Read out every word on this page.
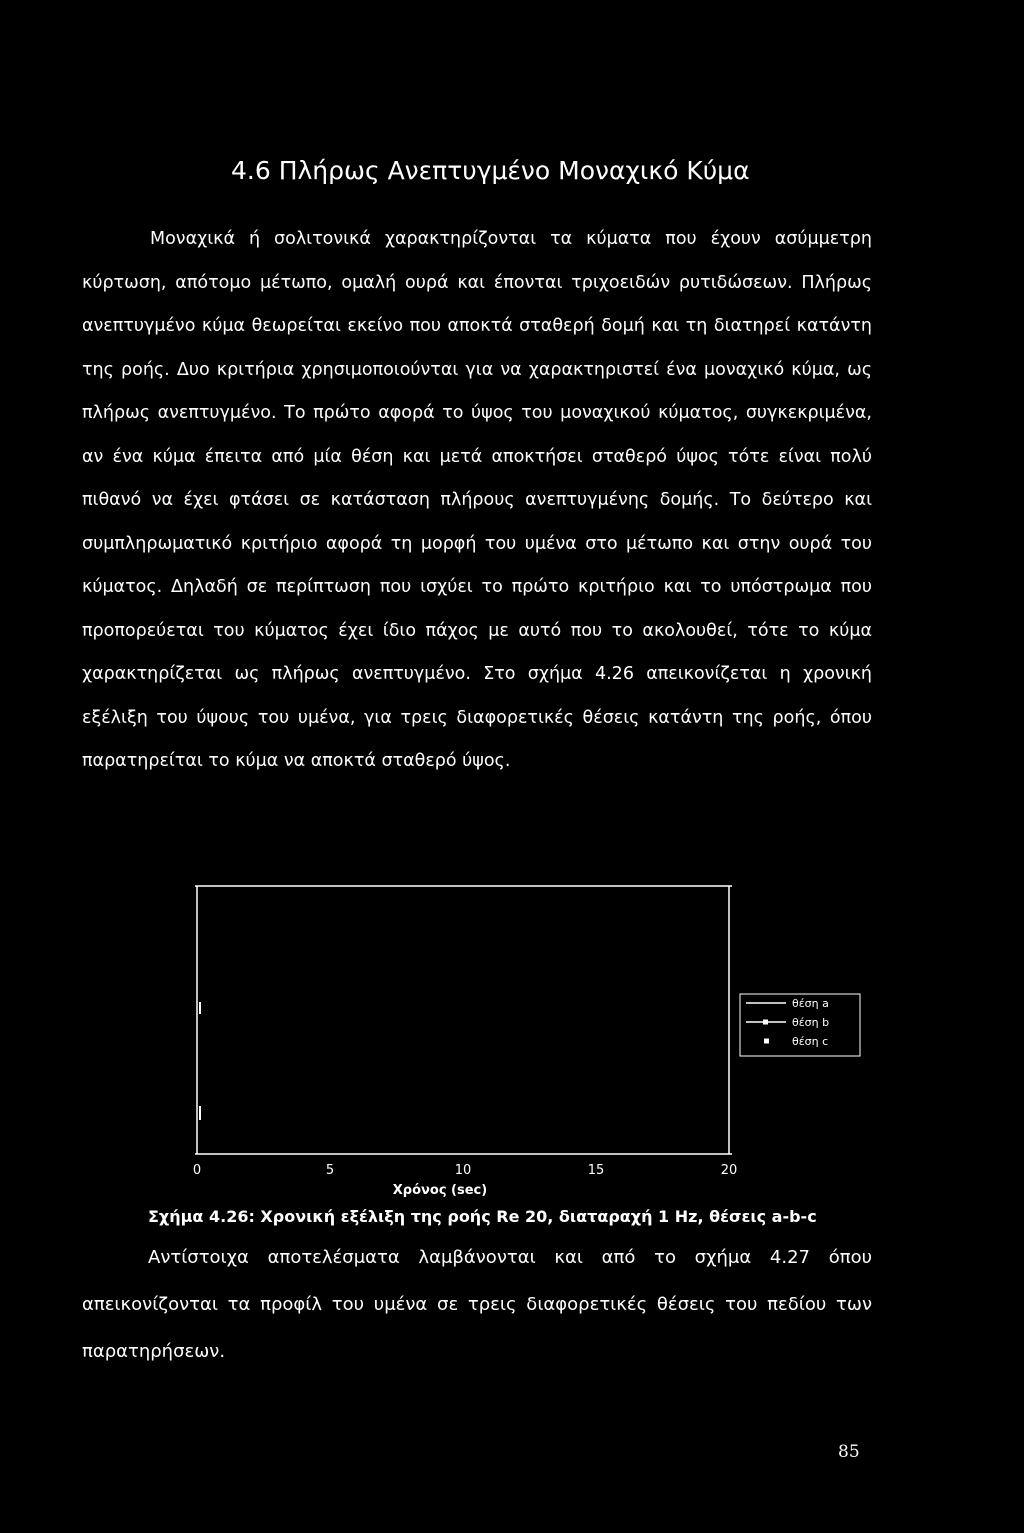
4.6 Πλήρως Ανεπτυγμένο Μοναχικό Κύμα

Μοναχικά ή σολιτονικά χαρακτηρίζονται τα κύματα που έχουν ασύμμετρη κύρτωση, απότομο μέτωπο, ομαλή ουρά και έπονται τριχοειδών ρυτιδώσεων. Πλήρως ανεπτυγμένο κύμα θεωρείται εκείνο που αποκτά σταθερή δομή και τη διατηρεί κατάντη της ροής. Δυο κριτήρια χρησιμοποιούνται για να χαρακτηριστεί ένα μοναχικό κύμα, ως πλήρως ανεπτυγμένο. Το πρώτο αφορά το ύψος του μοναχικού κύματος, συγκεκριμένα, αν ένα κύμα έπειτα από μία θέση και μετά αποκτήσει σταθερό ύψος τότε είναι πολύ πιθανό να έχει φτάσει σε κατάσταση πλήρους ανεπτυγμένης δομής. Το δεύτερο και συμπληρωματικό κριτήριο αφορά τη μορφή του υμένα στο μέτωπο και στην ουρά του κύματος. Δηλαδή σε περίπτωση που ισχύει το πρώτο κριτήριο και το υπόστρωμα που προπορεύεται του κύματος έχει ίδιο πάχος με αυτό που το ακολουθεί, τότε το κύμα χαρακτηρίζεται ως πλήρως ανεπτυγμένο. Στο σχήμα 4.26 απεικονίζεται η χρονική εξέλιξη του ύψους του υμένα, για τρεις διαφορετικές θέσεις κατάντη της ροής, όπου παρατηρείται το κύμα να αποκτά σταθερό ύψος.

θέση a
θέση b
θέση c
0	5	10	15	20
Χρόνος (sec)

Σχήμα 4.26: Χρονική εξέλιξη της ροής Re 20, διαταραχή 1 Hz, θέσεις a-b-c

Αντίστοιχα αποτελέσματα λαμβάνονται και από το σχήμα 4.27 όπου απεικονίζονται τα προφίλ του υμένα σε τρεις διαφορετικές θέσεις του πεδίου των παρατηρήσεων.

85
